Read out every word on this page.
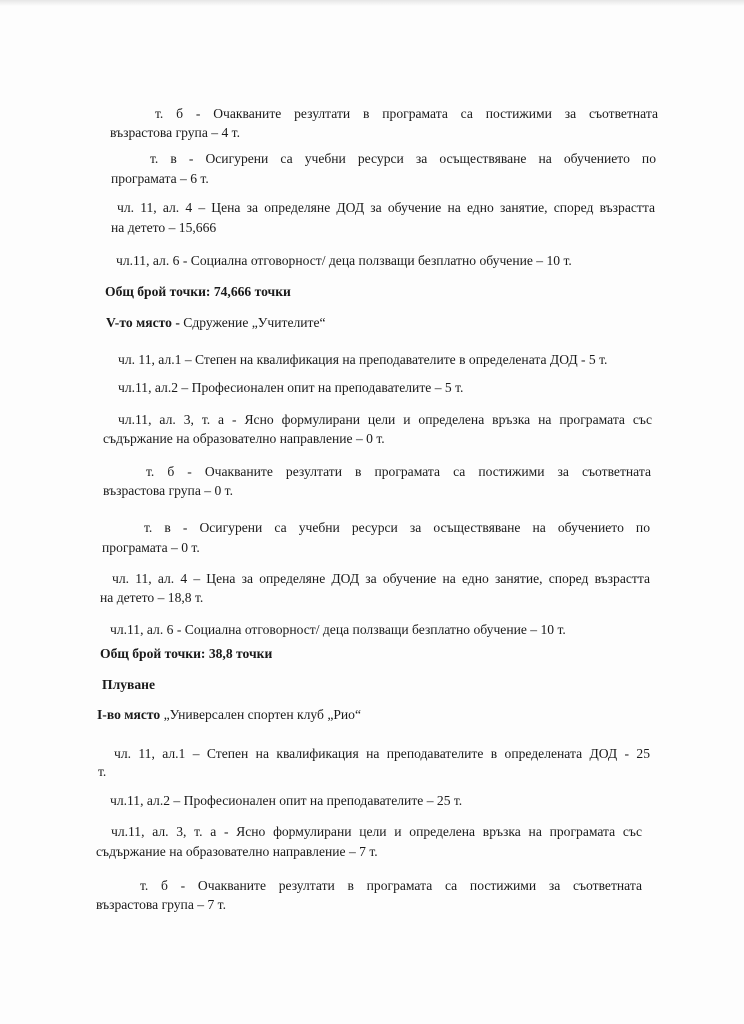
т. б - Очакваните резултати в програмата са постижими за съответната
възрастова група – 4 т.
т. в - Осигурени са учебни ресурси за осъществяване на обучението по
програмата – 6 т.
чл. 11, ал. 4 – Цена за определяне ДОД за обучение на едно занятие, според възрастта
на детето – 15,666
чл.11, ал. 6 - Социална отговорност/ деца ползващи безплатно обучение – 10 т.
Общ брой точки: 74,666 точки
V-то място - Сдружение „Учителите“
чл. 11, ал.1 – Степен на квалификация на преподавателите в определената ДОД - 5 т.
чл.11, ал.2 – Професионален опит на преподавателите – 5 т.
чл.11, ал. 3, т. а - Ясно формулирани цели и определена връзка на програмата със
съдържание на образователно направление – 0 т.
т. б - Очакваните резултати в програмата са постижими за съответната
възрастова група – 0 т.
т. в - Осигурени са учебни ресурси за осъществяване на обучението по
програмата – 0 т.
чл. 11, ал. 4 – Цена за определяне ДОД за обучение на едно занятие, според възрастта
на детето – 18,8 т.
чл.11, ал. 6 - Социална отговорност/ деца ползващи безплатно обучение – 10 т.
Общ брой точки: 38,8 точки
Плуване
I-во място „Универсален спортен клуб „Рио“
чл. 11, ал.1 – Степен на квалификация на преподавателите в определената ДОД - 25
т.
чл.11, ал.2 – Професионален опит на преподавателите – 25 т.
чл.11, ал. 3, т. а - Ясно формулирани цели и определена връзка на програмата със
съдържание на образователно направление – 7 т.
т. б - Очакваните резултати в програмата са постижими за съответната
възрастова група – 7 т.
